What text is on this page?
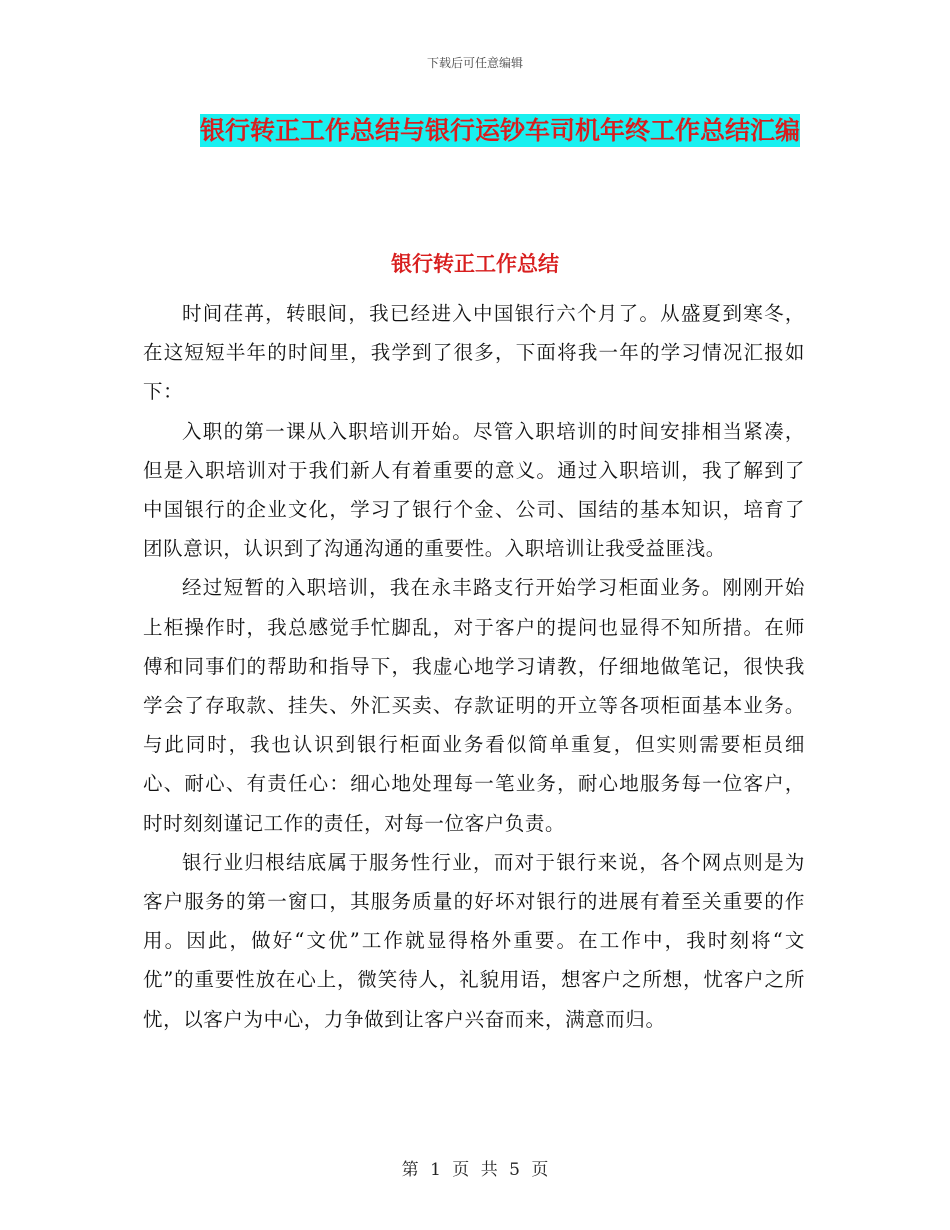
下载后可任意编辑
银行转正工作总结与银行运钞车司机年终工作总结汇编
银行转正工作总结

时间荏苒，转眼间，我已经进入中国银行六个月了。从盛夏到寒冬，在这短短半年的时间里，我学到了很多，下面将我一年的学习情况汇报如下：

入职的第一课从入职培训开始。尽管入职培训的时间安排相当紧凑，但是入职培训对于我们新人有着重要的意义。通过入职培训，我了解到了中国银行的企业文化，学习了银行个金、公司、国结的基本知识，培育了团队意识，认识到了沟通沟通的重要性。入职培训让我受益匪浅。

经过短暂的入职培训，我在永丰路支行开始学习柜面业务。刚刚开始上柜操作时，我总感觉手忙脚乱，对于客户的提问也显得不知所措。在师傅和同事们的帮助和指导下，我虚心地学习请教，仔细地做笔记，很快我学会了存取款、挂失、外汇买卖、存款证明的开立等各项柜面基本业务。与此同时，我也认识到银行柜面业务看似简单重复，但实则需要柜员细心、耐心、有责任心：细心地处理每一笔业务，耐心地服务每一位客户，时时刻刻谨记工作的责任，对每一位客户负责。

银行业归根结底属于服务性行业，而对于银行来说，各个网点则是为客户服务的第一窗口，其服务质量的好坏对银行的进展有着至关重要的作用。因此，做好“文优”工作就显得格外重要。在工作中，我时刻将“文优”的重要性放在心上，微笑待人，礼貌用语，想客户之所想，忧客户之所忧，以客户为中心，力争做到让客户兴奋而来，满意而归。

第 1 页 共 5 页
